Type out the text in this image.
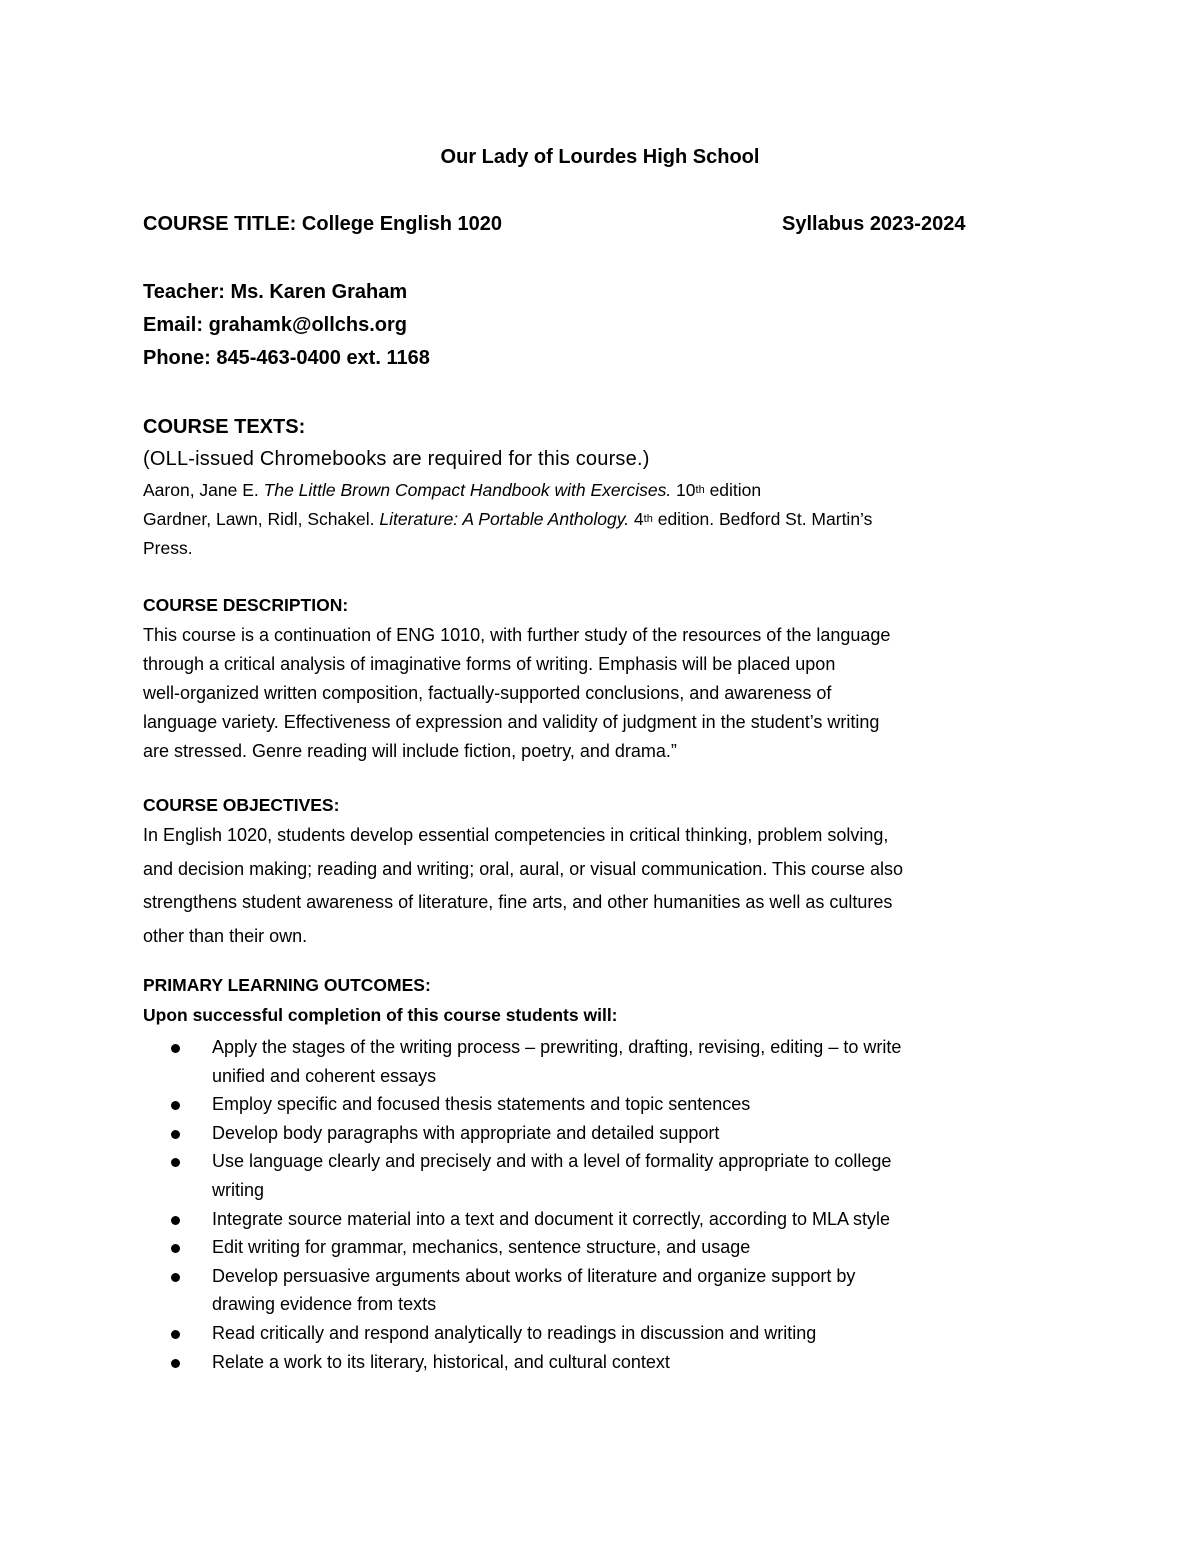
Our Lady of Lourdes High School
COURSE TITLE: College English 1020	Syllabus 2023-2024
Teacher: Ms. Karen Graham
Email: grahamk@ollchs.org
Phone: 845-463-0400 ext. 1168
COURSE TEXTS:
(OLL-issued Chromebooks are required for this course.)
Aaron, Jane E. The Little Brown Compact Handbook with Exercises. 10th edition
Gardner, Lawn, Ridl, Schakel. Literature: A Portable Anthology. 4th edition. Bedford St. Martin’s
Press.
COURSE DESCRIPTION:
This course is a continuation of ENG 1010, with further study of the resources of the language
through a critical analysis of imaginative forms of writing. Emphasis will be placed upon
well-organized written composition, factually-supported conclusions, and awareness of
language variety. Effectiveness of expression and validity of judgment in the student’s writing
are stressed. Genre reading will include fiction, poetry, and drama.”
COURSE OBJECTIVES:
In English 1020, students develop essential competencies in critical thinking, problem solving,
and decision making; reading and writing; oral, aural, or visual communication. This course also
strengthens student awareness of literature, fine arts, and other humanities as well as cultures
other than their own.
PRIMARY LEARNING OUTCOMES:
Upon successful completion of this course students will:
Apply the stages of the writing process – prewriting, drafting, revising, editing – to write
unified and coherent essays
Employ specific and focused thesis statements and topic sentences
Develop body paragraphs with appropriate and detailed support
Use language clearly and precisely and with a level of formality appropriate to college
writing
Integrate source material into a text and document it correctly, according to MLA style
Edit writing for grammar, mechanics, sentence structure, and usage
Develop persuasive arguments about works of literature and organize support by
drawing evidence from texts
Read critically and respond analytically to readings in discussion and writing
Relate a work to its literary, historical, and cultural context
